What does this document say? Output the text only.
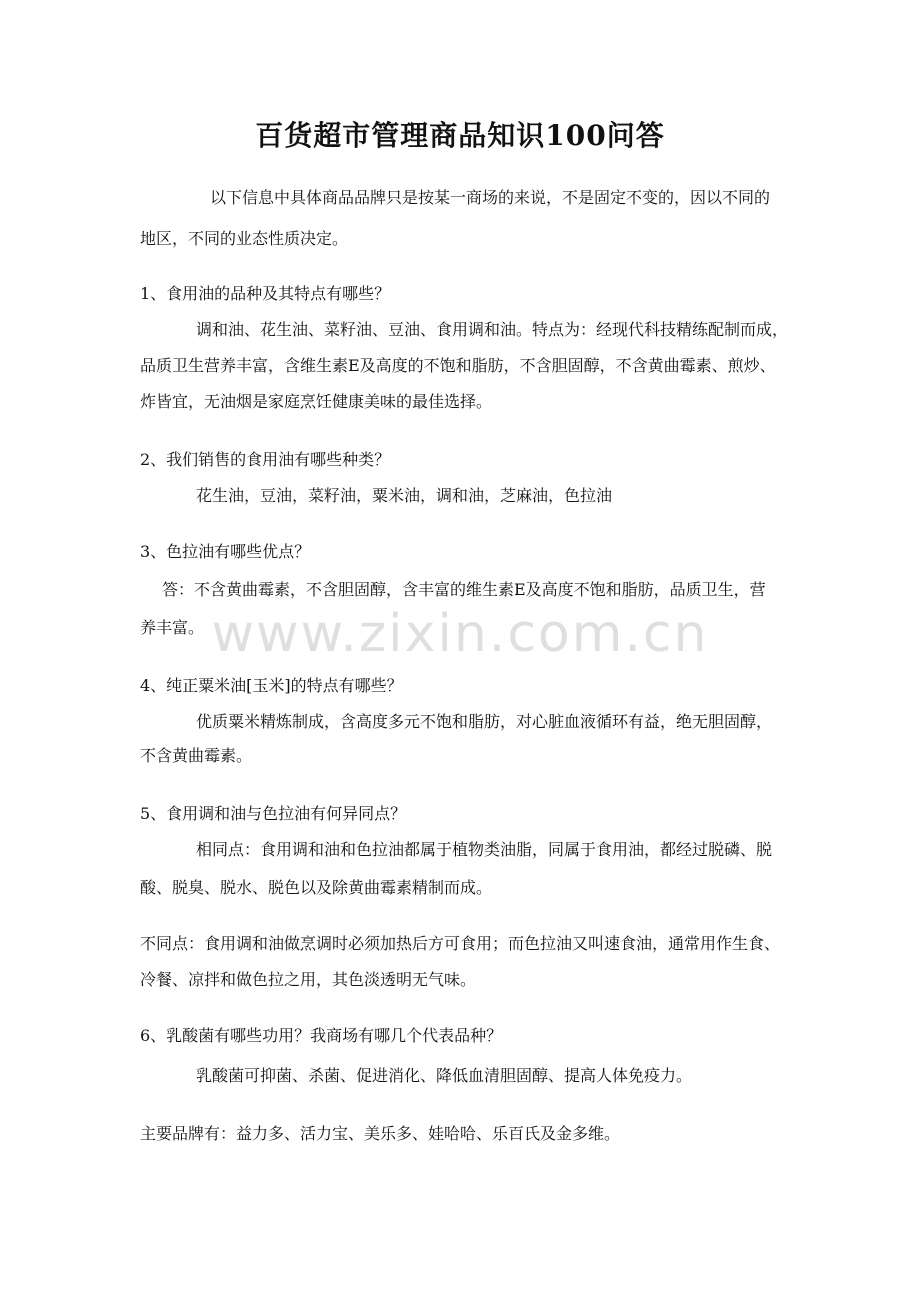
百货超市管理商品知识100问答
以下信息中具体商品品牌只是按某一商场的来说，不是固定不变的，因以不同的
地区，不同的业态性质决定。
1、食用油的品种及其特点有哪些？
调和油、花生油、菜籽油、豆油、食用调和油。特点为：经现代科技精练配制而成，
品质卫生营养丰富，含维生素E及高度的不饱和脂肪，不含胆固醇，不含黄曲霉素、煎炒、
炸皆宜，无油烟是家庭烹饪健康美味的最佳选择。
2、我们销售的食用油有哪些种类？
花生油，豆油，菜籽油，粟米油，调和油，芝麻油，色拉油
3、色拉油有哪些优点？
答：不含黄曲霉素，不含胆固醇，含丰富的维生素E及高度不饱和脂肪，品质卫生，营
养丰富。
4、纯正粟米油[玉米]的特点有哪些？
优质粟米精炼制成，含高度多元不饱和脂肪，对心脏血液循环有益，绝无胆固醇，
不含黄曲霉素。
5、食用调和油与色拉油有何异同点？
相同点：食用调和油和色拉油都属于植物类油脂，同属于食用油，都经过脱磷、脱
酸、脱臭、脱水、脱色以及除黄曲霉素精制而成。
不同点：食用调和油做烹调时必须加热后方可食用；而色拉油又叫速食油，通常用作生食、
冷餐、凉拌和做色拉之用，其色淡透明无气味。
6、乳酸菌有哪些功用？我商场有哪几个代表品种？
乳酸菌可抑菌、杀菌、促进消化、降低血清胆固醇、提高人体免疫力。
主要品牌有：益力多、活力宝、美乐多、娃哈哈、乐百氏及金多维。
www.zixin.com.cn
